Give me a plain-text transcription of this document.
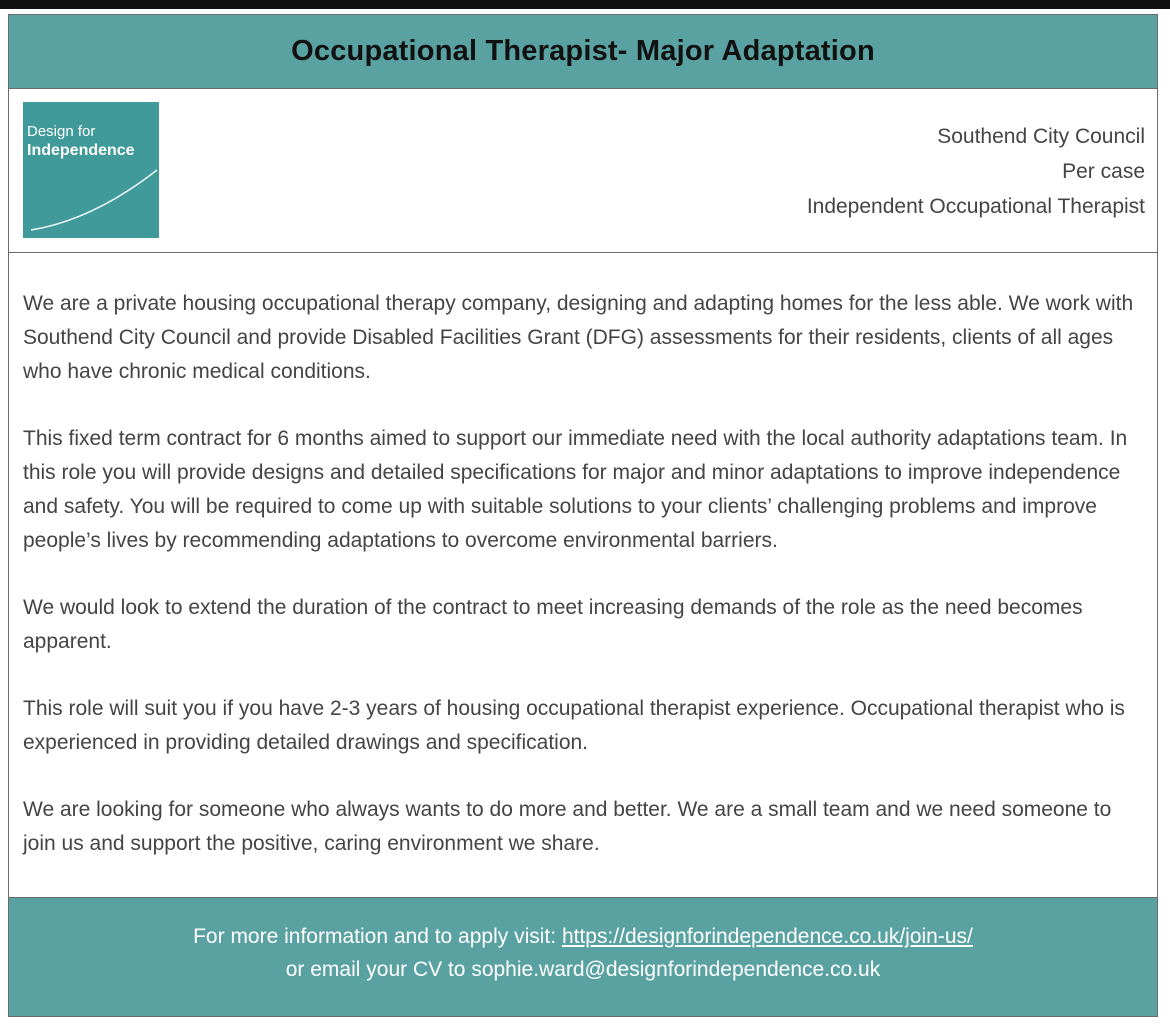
Occupational Therapist- Major Adaptation
Design for
Independence
Southend City Council
Per case
Independent Occupational Therapist

We are a private housing occupational therapy company, designing and adapting homes for the less able. We work with Southend City Council and provide Disabled Facilities Grant (DFG) assessments for their residents, clients of all ages who have chronic medical conditions.

This fixed term contract for 6 months aimed to support our immediate need with the local authority adaptations team. In this role you will provide designs and detailed specifications for major and minor adaptations to improve independence and safety. You will be required to come up with suitable solutions to your clients’ challenging problems and improve people’s lives by recommending adaptations to overcome environmental barriers.

We would look to extend the duration of the contract to meet increasing demands of the role as the need becomes apparent.

This role will suit you if you have 2-3 years of housing occupational therapist experience. Occupational therapist who is experienced in providing detailed drawings and specification.

We are looking for someone who always wants to do more and better. We are a small team and we need someone to join us and support the positive, caring environment we share.

For more information and to apply visit: https://designforindependence.co.uk/join-us/
or email your CV to sophie.ward@designforindependence.co.uk
